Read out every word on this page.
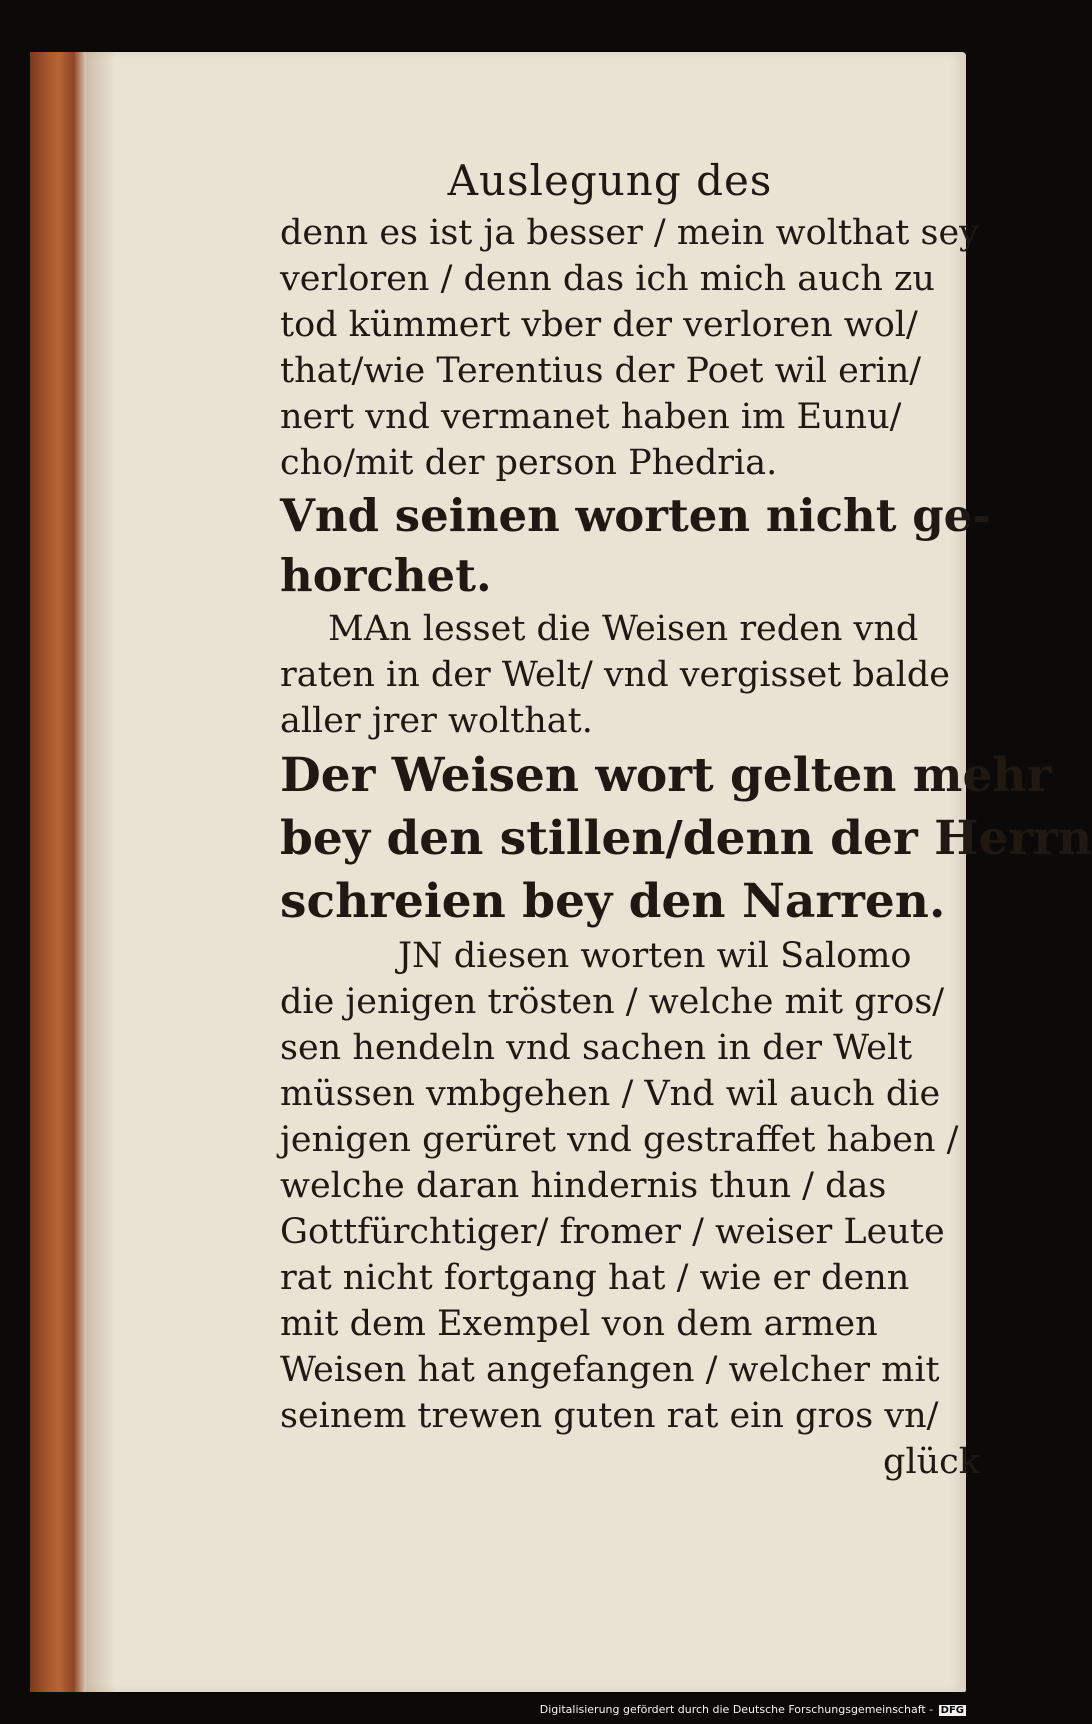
Auslegung des
denn es ist ja besser / mein wolthat sey
verloren / denn das ich mich auch zu
tod kümmert vber der verloren wol/
that/wie Terentius der Poet wil erin/
nert vnd vermanet haben im Eunu/
cho/mit der person Phedria.
Vnd seinen worten nicht ge-
horchet.
MAn lesset die Weisen reden vnd
raten in der Welt/ vnd vergisset balde
aller jrer wolthat.
Der Weisen wort gelten mehr
bey den stillen/denn der Herrn
schreien bey den Narren.
JN diesen worten wil Salomo
die jenigen trösten / welche mit gros/
sen hendeln vnd sachen in der Welt
müssen vmbgehen / Vnd wil auch die
jenigen gerüret vnd gestraffet haben /
welche daran hindernis thun / das
Gottfürchtiger/ fromer / weiser Leute
rat nicht fortgang hat / wie er denn
mit dem Exempel von dem armen
Weisen hat angefangen / welcher mit
seinem trewen guten rat ein gros vn/
glück
Digitalisierung gefördert durch die Deutsche Forschungsgemeinschaft - DFG
